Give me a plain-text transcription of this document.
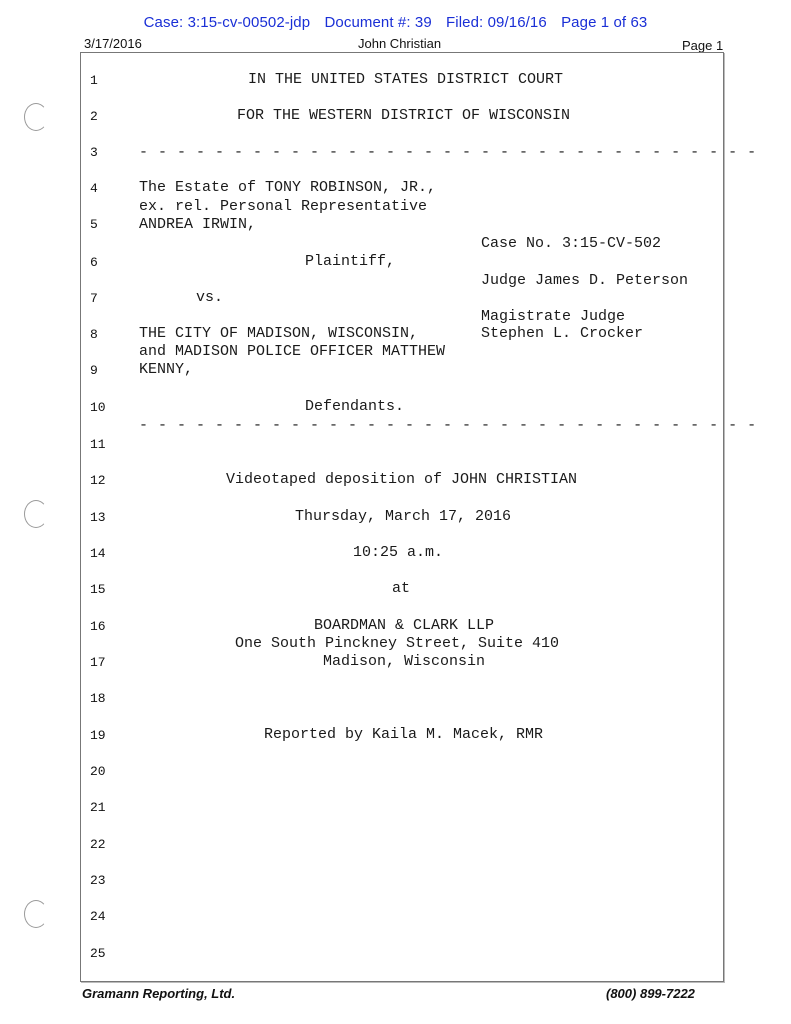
Case: 3:15-cv-00502-jdp Document #: 39 Filed: 09/16/16 Page 1 of 63
3/17/2016	John Christian	Page 1
1
2
3
4
5
6
7
8
9
10
11
12
13
14
15
16
17
18
19
20
21
22
23
24
25
IN THE UNITED STATES DISTRICT COURT
FOR THE WESTERN DISTRICT OF WISCONSIN
- - - - - - - - - - - - - - - - - - - - - - - - - - - - - - - - -
The Estate of TONY ROBINSON, JR.,
ex. rel. Personal Representative
ANDREA IRWIN,
Case No. 3:15-CV-502
Plaintiff,
Judge James D. Peterson
vs.
Magistrate Judge
THE CITY OF MADISON, WISCONSIN,	Stephen L. Crocker
and MADISON POLICE OFFICER MATTHEW
KENNY,
Defendants.
- - - - - - - - - - - - - - - - - - - - - - - - - - - - - - - - -
Videotaped deposition of JOHN CHRISTIAN
Thursday, March 17, 2016
10:25 a.m.
at
BOARDMAN & CLARK LLP
One South Pinckney Street, Suite 410
Madison, Wisconsin
Reported by Kaila M. Macek, RMR
Gramann Reporting, Ltd.	(800) 899-7222
